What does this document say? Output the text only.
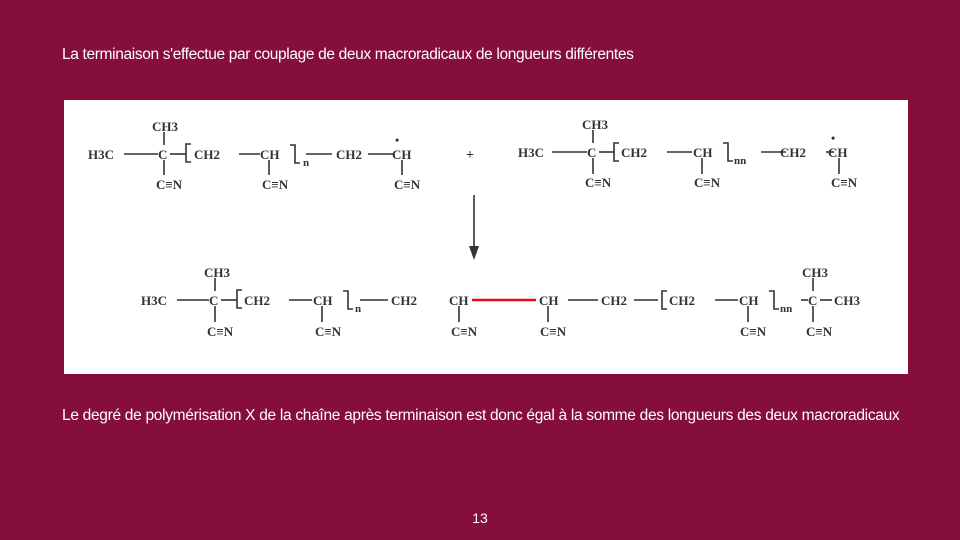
La terminaison s'effectue par couplage de deux macroradicaux de longueurs différentes
CH3
H3C	C CH2	CH
n
CH2 CH
•
C≡N	C≡N	C≡N
+
CH3
H3C	C CH2	CH
nn
CH2 CH
•
C≡N	C≡N	C≡N
CH3
H3C	C CH2	CH
n
CH2 CH	CH	CH2	CH2	CH
nn
C
CH3
CH3
C≡N	C≡N	C≡N	C≡N	C≡N	C≡N
Le degré de polymérisation X de la chaîne après terminaison est donc égal à la somme des longueurs des deux macroradicaux
13
